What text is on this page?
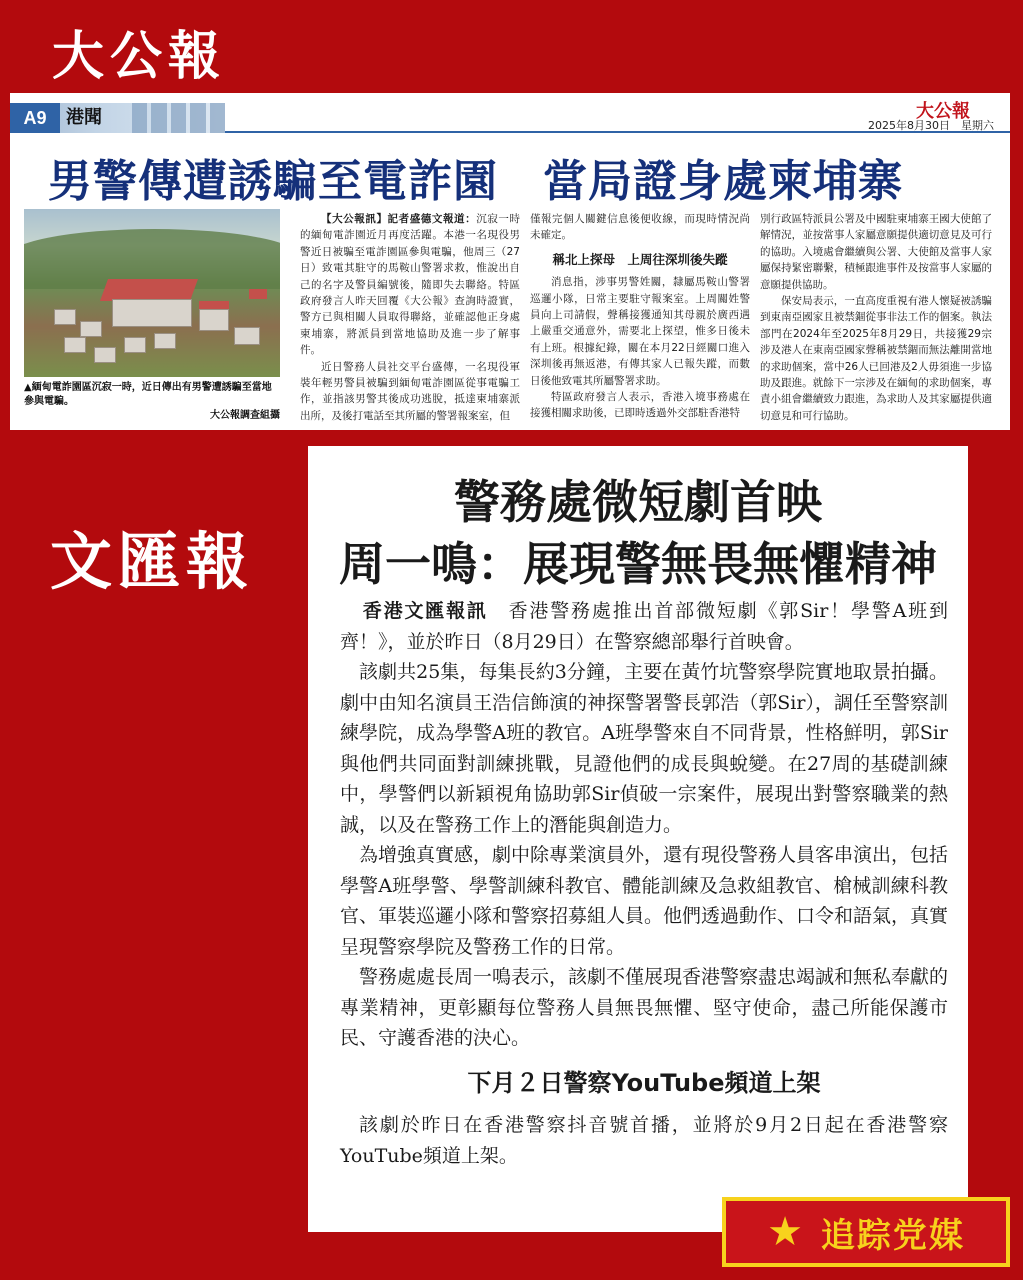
大公報
A9	港聞	大公報
2025年8月30日　星期六
男警傳遭誘騙至電詐園　當局證身處柬埔寨
▲緬甸電詐園區沉寂一時，近日傳出有男警遭誘騙至當地參與電騙。
大公報調查組攝

【大公報訊】記者盛德文報道：沉寂一時的緬甸電詐園近月再度活躍。本港一名現役男警近日被騙至電詐園區參與電騙，他周三（27日）致電其駐守的馬鞍山警署求救，惟說出自己的名字及警員編號後，隨即失去聯絡。特區政府發言人昨天回覆《大公報》查詢時證實，警方已與相關人員取得聯絡，並確認他正身處柬埔寨，將派員到當地協助及進一步了解事件。

近日警務人員社交平台盛傳，一名現役軍裝年輕男警員被騙到緬甸電詐園區從事電騙工作，並指該男警其後成功逃脫，抵達柬埔寨派出所，及後打電話至其所屬的警署報案室，但

僅報完個人關鍵信息後便收線，而現時情況尚未確定。

稱北上探母　上周往深圳後失蹤

消息指，涉事男警姓關，隸屬馬鞍山警署巡邏小隊，日常主要駐守報案室。上周關姓警員向上司請假，聲稱接獲通知其母親於廣西遇上嚴重交通意外，需要北上探望，惟多日後未有上班。根據紀錄，關在本月22日經關口進入深圳後再無返港，有傳其家人已報失蹤，而數日後他致電其所屬警署求助。

特區政府發言人表示，香港入境事務處在接獲相關求助後，已即時透過外交部駐香港特

別行政區特派員公署及中國駐柬埔寨王國大使館了解情況，並按當事人家屬意願提供適切意見及可行的協助。入境處會繼續與公署、大使館及當事人家屬保持緊密聯繫，積極跟進事件及按當事人家屬的意願提供協助。

保安局表示，一直高度重視有港人懷疑被誘騙到東南亞國家且被禁錮從事非法工作的個案。執法部門在2024年至2025年8月29日，共接獲29宗涉及港人在東南亞國家聲稱被禁錮而無法離開當地的求助個案，當中26人已回港及2人毋須進一步協助及跟進。就餘下一宗涉及在緬甸的求助個案，專責小組會繼續致力跟進，為求助人及其家屬提供適切意見和可行協助。

文匯報
警務處微短劇首映
周一鳴：展現警無畏無懼精神

香港文匯報訊　 香港警務處推出首部微短劇《郭Sir！學警A班到齊！》，並於昨日（8月29日）在警察總部舉行首映會。

該劇共25集，每集長約3分鐘，主要在黃竹坑警察學院實地取景拍攝。劇中由知名演員王浩信飾演的神探警署警長郭浩（郭Sir），調任至警察訓練學院，成為學警A班的教官。A班學警來自不同背景，性格鮮明，郭Sir與他們共同面對訓練挑戰，見證他們的成長與蛻變。在27周的基礎訓練中，學警們以新穎視角協助郭Sir偵破一宗案件，展現出對警察職業的熱誠，以及在警務工作上的潛能與創造力。

為增強真實感，劇中除專業演員外，還有現役警務人員客串演出，包括學警A班學警、學警訓練科教官、體能訓練及急救組教官、槍械訓練科教官、軍裝巡邏小隊和警察招募組人員。他們透過動作、口令和語氣，真實呈現警察學院及警務工作的日常。

警務處處長周一鳴表示，該劇不僅展現香港警察盡忠竭誠和無私奉獻的專業精神，更彰顯每位警務人員無畏無懼、堅守使命，盡己所能保護市民、守護香港的決心。

下月２日警察YouTube頻道上架

該劇於昨日在香港警察抖音號首播，並將於9月2日起在香港警察YouTube頻道上架。

★ 追踪党媒
